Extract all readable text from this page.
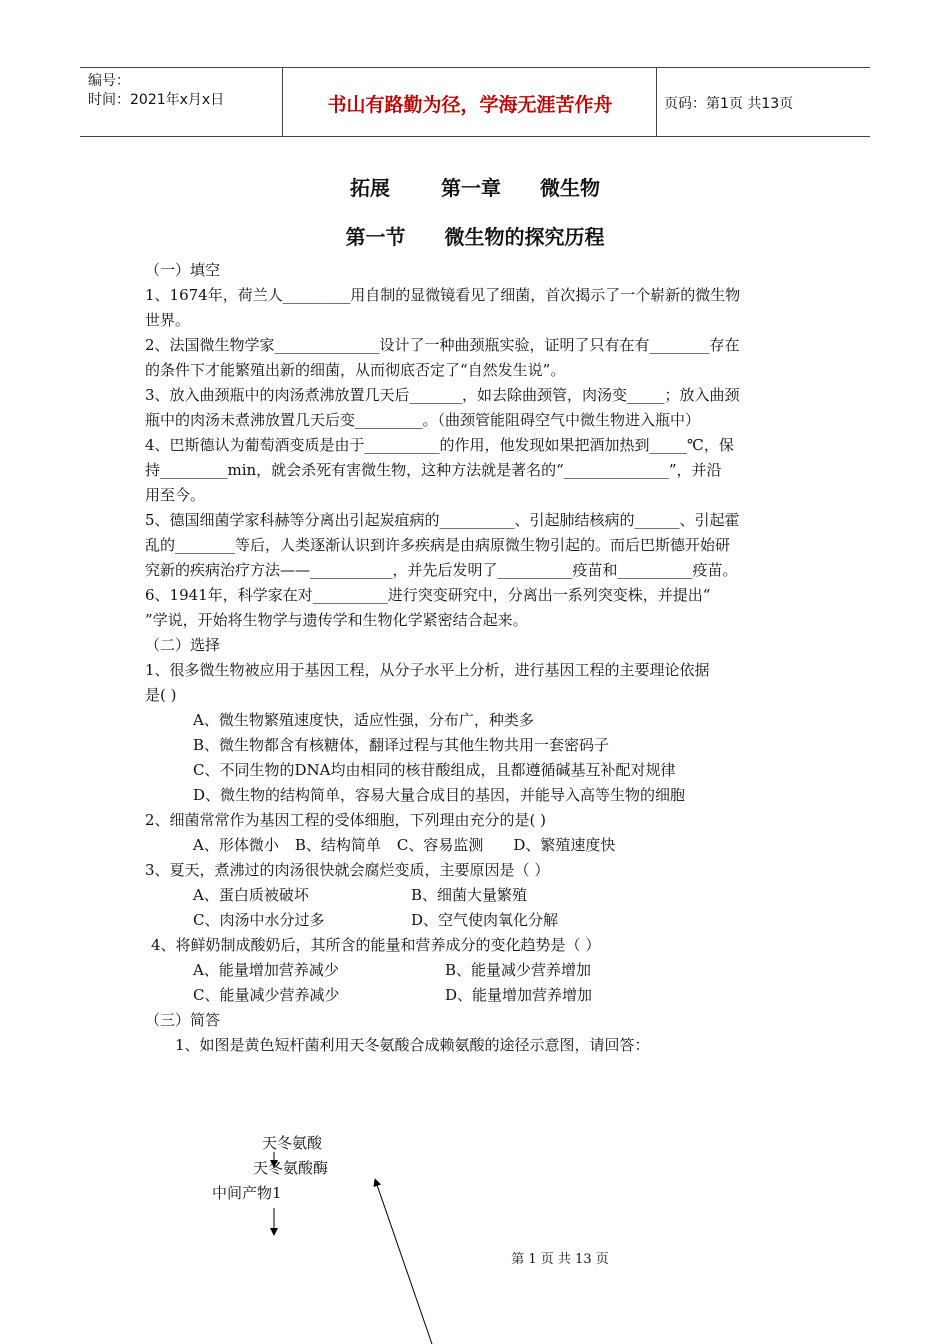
编号：
时间：2021年x月x日	书山有路勤为径，学海无涯苦作舟	页码：第1页 共13页
拓展	第一章 微生物
第一节 微生物的探究历程

（一）填空

1、1674年，荷兰人_________用自制的显微镜看见了细菌，首次揭示了一个崭新的微生物

世界。

2、法国微生物学家______________设计了一种曲颈瓶实验，证明了只有在有________存在

的条件下才能繁殖出新的细菌，从而彻底否定了“自然发生说”。

3、放入曲颈瓶中的肉汤煮沸放置几天后_______，如去除曲颈管，肉汤变_____；放入曲颈

瓶中的肉汤未煮沸放置几天后变_________。（曲颈管能阻碍空气中微生物进入瓶中）

4、巴斯德认为葡萄酒变质是由于__________的作用，他发现如果把酒加热到_____℃，保

持_________min，就会杀死有害微生物，这种方法就是著名的“______________”，并沿

用至今。

5、德国细菌学家科赫等分离出引起炭疽病的__________、引起肺结核病的______、引起霍

乱的________等后，人类逐渐认识到许多疾病是由病原微生物引起的。而后巴斯德开始研

究新的疾病治疗方法——___________，并先后发明了__________疫苗和__________疫苗。

6、1941年，科学家在对__________进行突变研究中，分离出一系列突变株，并提出“

”学说，开始将生物学与遗传学和生物化学紧密结合起来。

（二）选择

1、很多微生物被应用于基因工程，从分子水平上分析，进行基因工程的主要理论依据

是( )

A、微生物繁殖速度快，适应性强，分布广，种类多

B、微生物都含有核糖体，翻译过程与其他生物共用一套密码子

C、不同生物的DNA均由相同的核苷酸组成，且都遵循碱基互补配对规律

D、微生物的结构简单，容易大量合成目的基因，并能导入高等生物的细胞

2、细菌常常作为基因工程的受体细胞，下列理由充分的是( )

A、形体微小 B、结构简单 C、容易监测 D、繁殖速度快

3、夏天，煮沸过的肉汤很快就会腐烂变质，主要原因是（ ）

A、蛋白质被破坏	B、细菌大量繁殖

C、肉汤中水分过多	D、空气使肉氧化分解

4、将鲜奶制成酸奶后，其所含的能量和营养成分的变化趋势是（ ）

A、能量增加营养减少	B、能量减少营养增加

C、能量减少营养减少	D、能量增加营养增加

（三）简答

1、如图是黄色短杆菌利用天冬氨酸合成赖氨酸的途径示意图，请回答：

天冬氨酸
天冬氨酸酶
中间产物1
第 1 页 共 13 页
